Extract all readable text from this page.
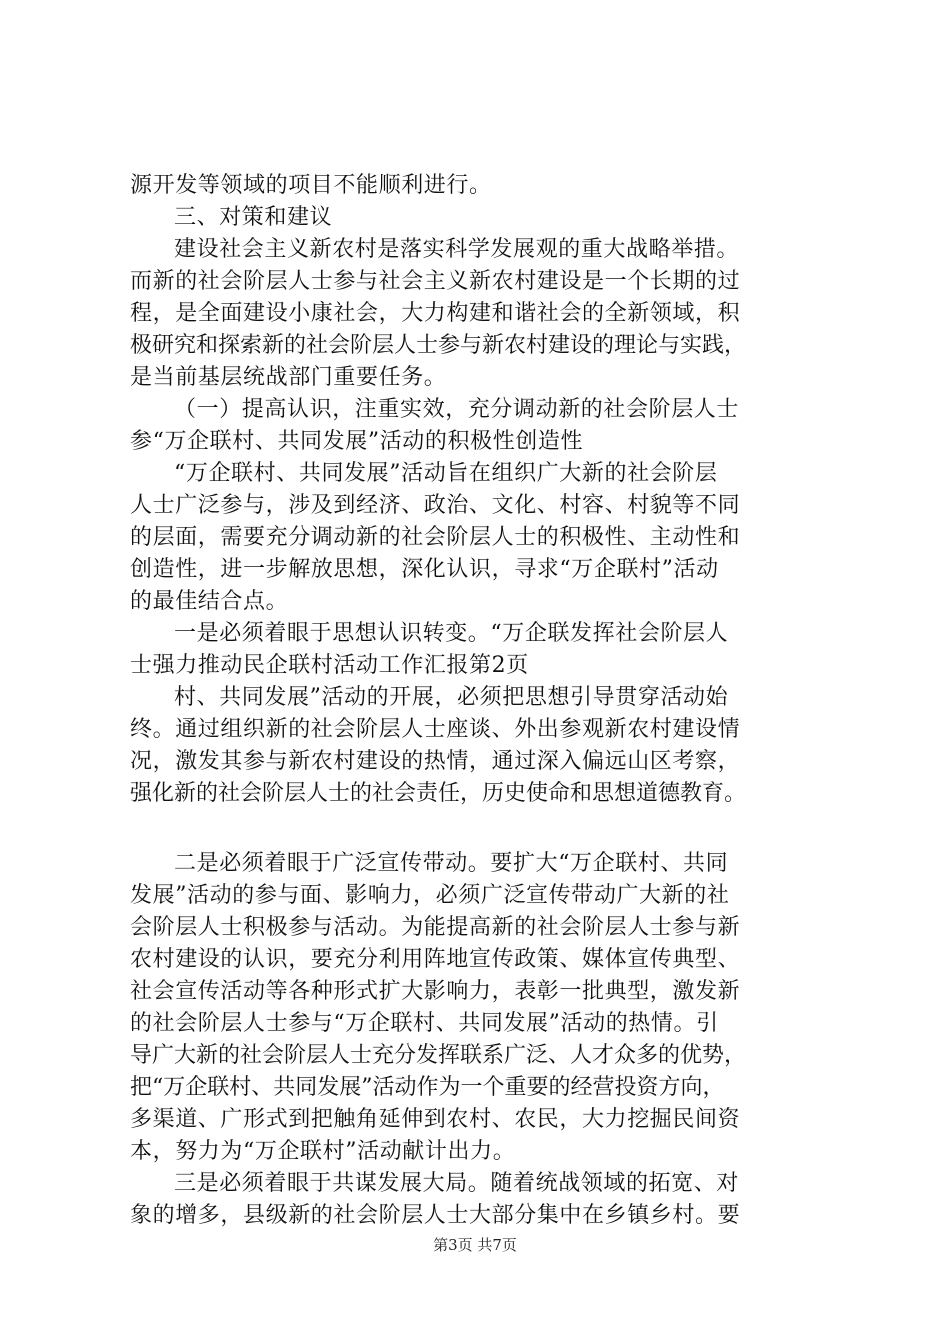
源开发等领域的项目不能顺利进行。
三、对策和建议
建设社会主义新农村是落实科学发展观的重大战略举措。
而新的社会阶层人士参与社会主义新农村建设是一个长期的过
程，是全面建设小康社会，大力构建和谐社会的全新领域，积
极研究和探索新的社会阶层人士参与新农村建设的理论与实践，
是当前基层统战部门重要任务。
（一）提高认识，注重实效，充分调动新的社会阶层人士
参“万企联村、共同发展”活动的积极性创造性
“万企联村、共同发展”活动旨在组织广大新的社会阶层
人士广泛参与，涉及到经济、政治、文化、村容、村貌等不同
的层面，需要充分调动新的社会阶层人士的积极性、主动性和
创造性，进一步解放思想，深化认识，寻求“万企联村”活动
的最佳结合点。
一是必须着眼于思想认识转变。“万企联发挥社会阶层人
士强力推动民企联村活动工作汇报第2页
村、共同发展”活动的开展，必须把思想引导贯穿活动始
终。通过组织新的社会阶层人士座谈、外出参观新农村建设情
况，激发其参与新农村建设的热情，通过深入偏远山区考察，
强化新的社会阶层人士的社会责任，历史使命和思想道德教育。
二是必须着眼于广泛宣传带动。要扩大“万企联村、共同
发展”活动的参与面、影响力，必须广泛宣传带动广大新的社
会阶层人士积极参与活动。为能提高新的社会阶层人士参与新
农村建设的认识，要充分利用阵地宣传政策、媒体宣传典型、
社会宣传活动等各种形式扩大影响力，表彰一批典型，激发新
的社会阶层人士参与“万企联村、共同发展”活动的热情。引
导广大新的社会阶层人士充分发挥联系广泛、人才众多的优势，
把“万企联村、共同发展”活动作为一个重要的经营投资方向，
多渠道、广形式到把触角延伸到农村、农民，大力挖掘民间资
本，努力为“万企联村”活动献计出力。
三是必须着眼于共谋发展大局。随着统战领域的拓宽、对
象的增多，县级新的社会阶层人士大部分集中在乡镇乡村。要
第3页 共7页
